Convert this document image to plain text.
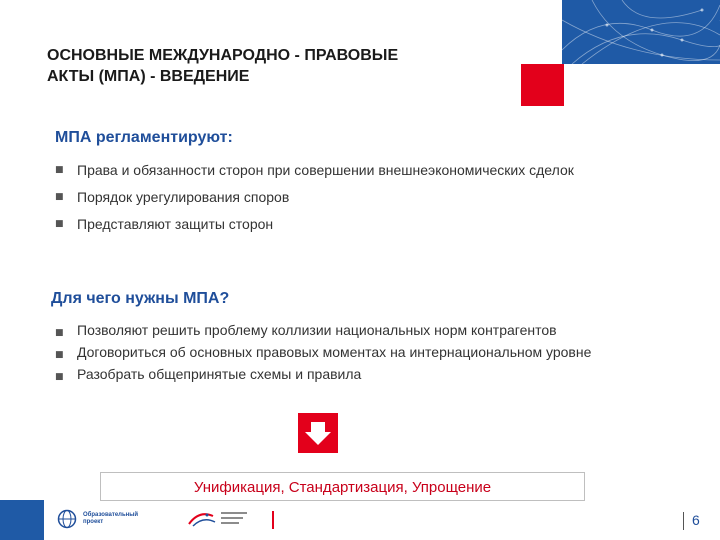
ОСНОВНЫЕ МЕЖДУНАРОДНО - ПРАВОВЫЕ
АКТЫ (МПА) - ВВЕДЕНИЕ
МПА регламентируют:
■ Права и обязанности сторон при совершении внешнеэкономических сделок
■ Порядок урегулирования споров
■ Представляют защиты сторон
Для чего нужны МПА?
■ Позволяют решить проблему коллизии национальных норм контрагентов
■ Договориться об основных правовых моментах на интернациональном уровне
■ Разобрать общепринятые схемы и правила
Унификация, Стандартизация, Упрощение
Образовательный
проект	6
